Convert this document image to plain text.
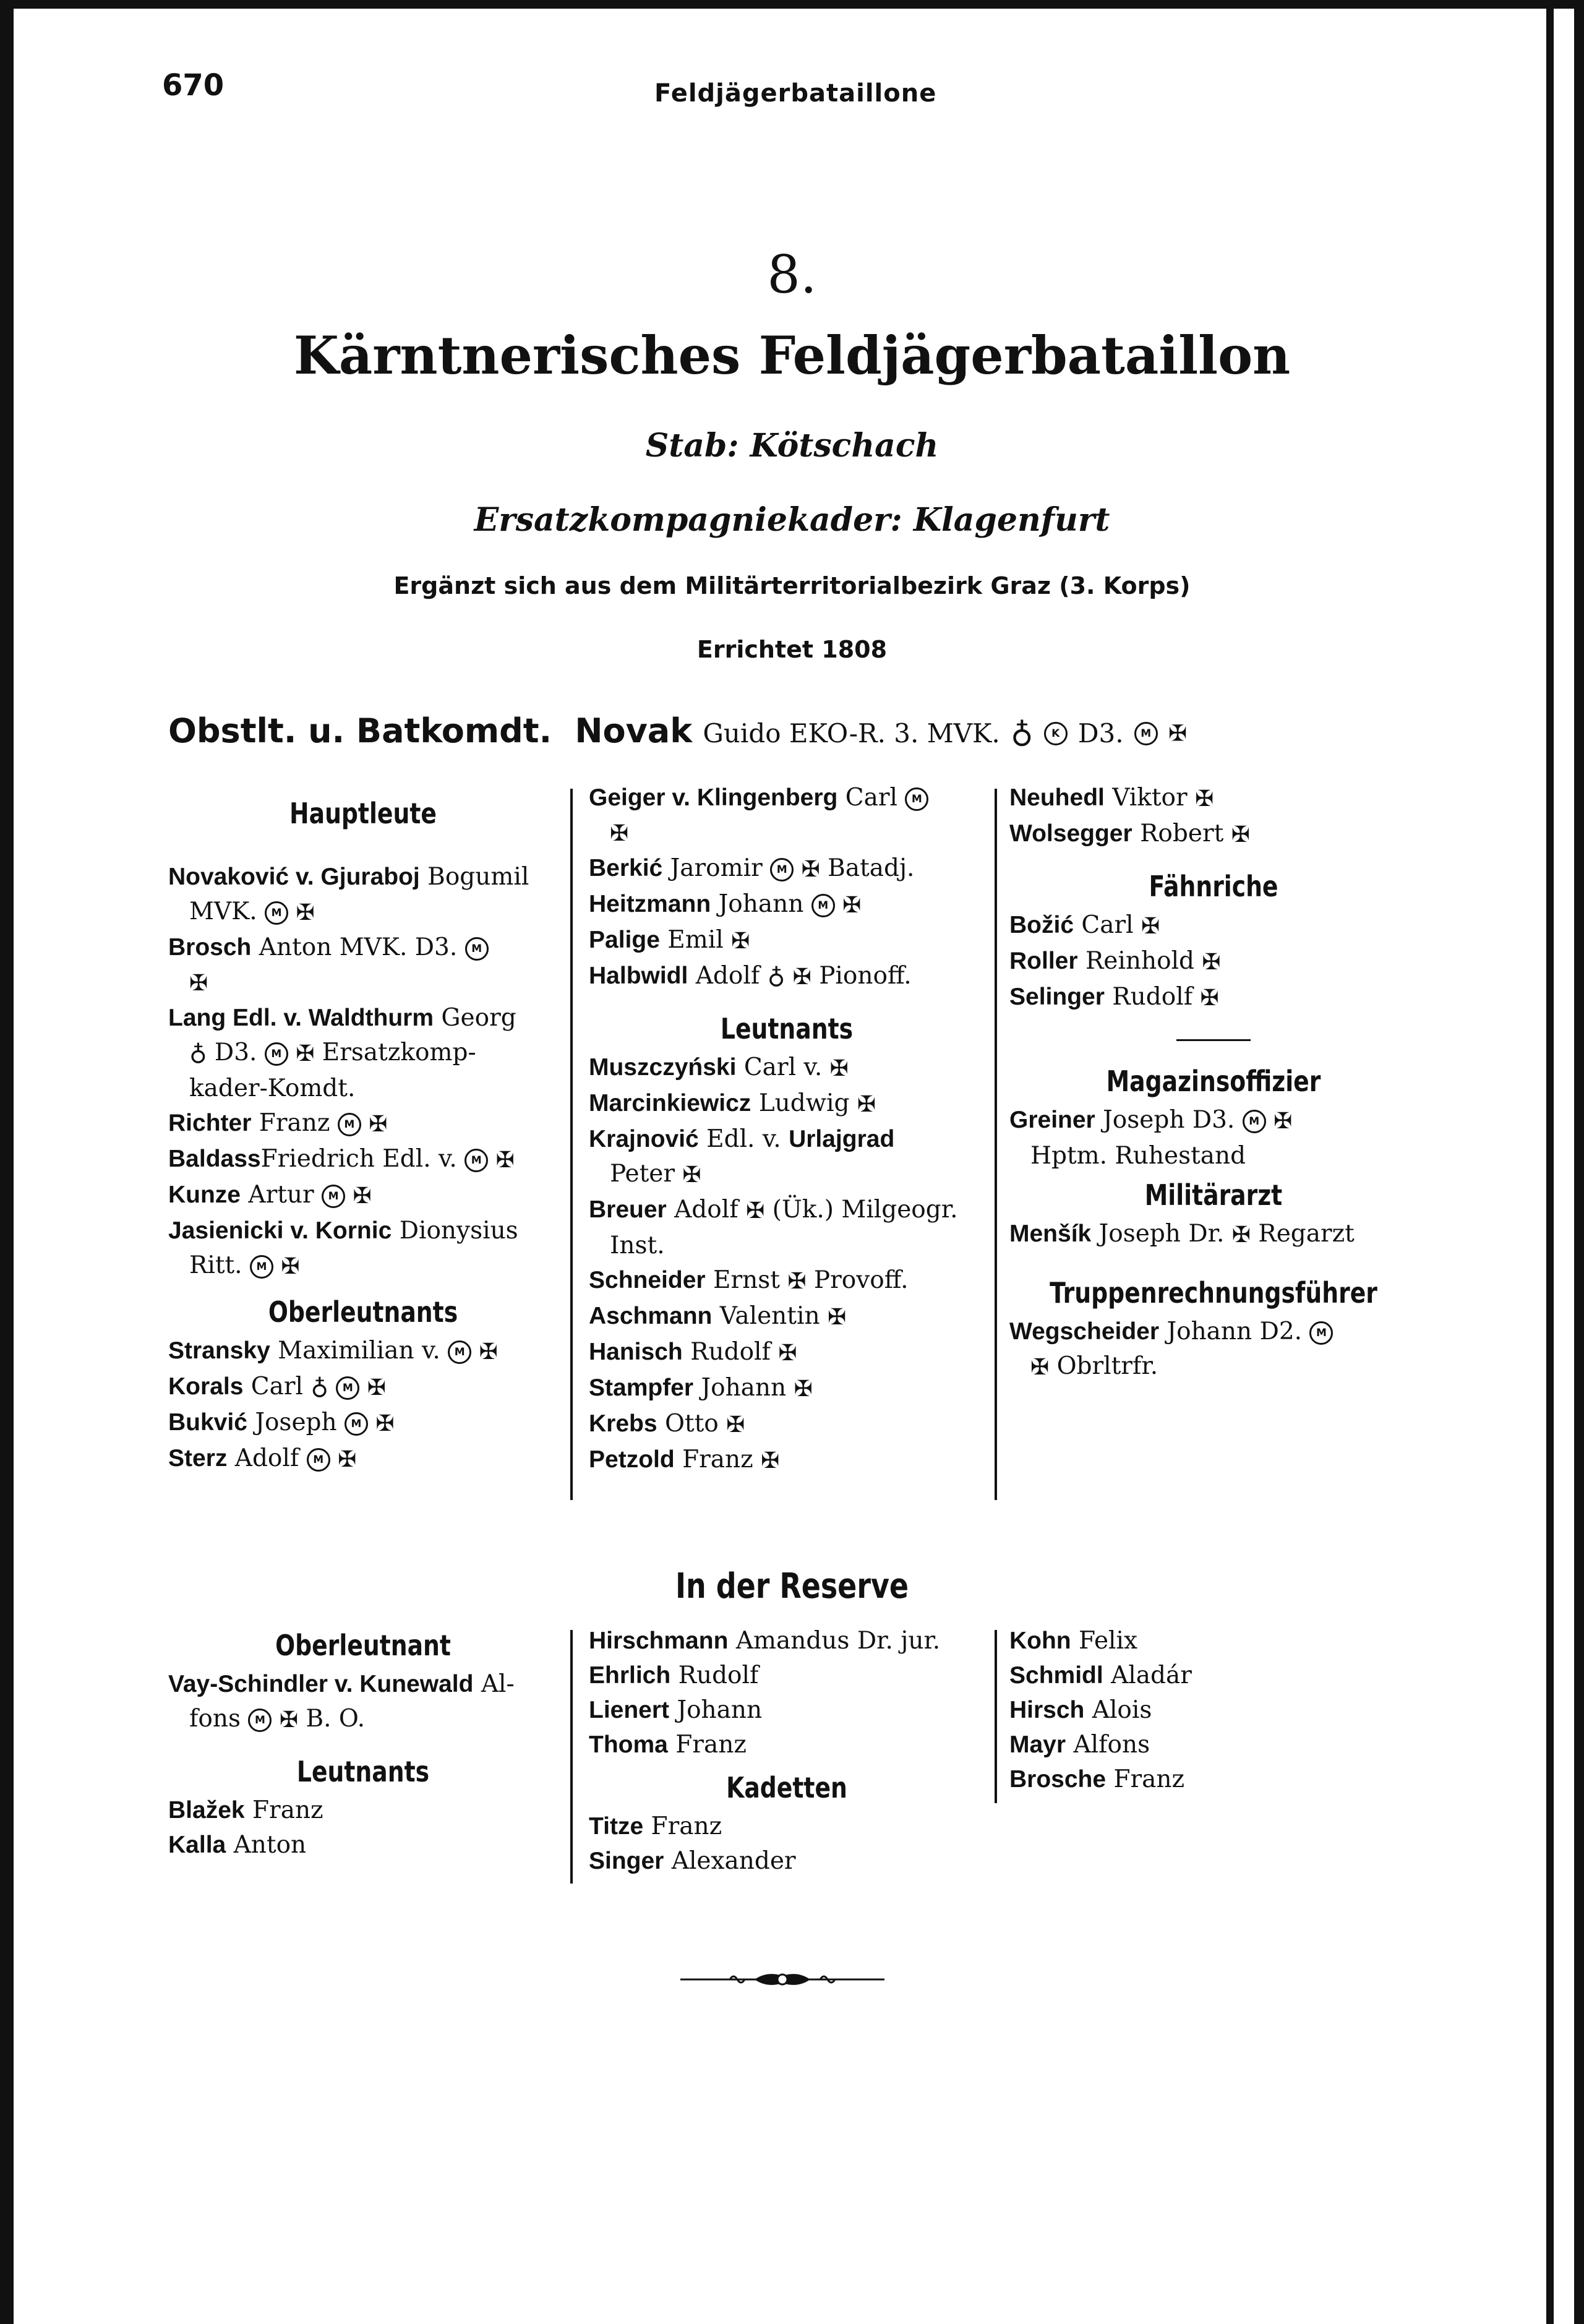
670	Feldjägerbataillone
8.
Kärntnerisches Feldjägerbataillon
Stab: Kötschach
Ersatzkompagniekader: Klagenfurt
Ergänzt sich aus dem Militärterritorialbezirk Graz (3. Korps)
Errichtet 1808
Obstlt. u. Batkomdt. Novak Guido EKO-R. 3. MVK. ♁ K D3. M ✠

Hauptleute

Novaković v. Gjuraboj Bogumil

MVK. M ✠

Brosch Anton MVK. D3. M

✠

Lang Edl. v. Waldthurm Georg

♁ D3. M ✠ Ersatzkomp-

kader-Komdt.

Richter Franz M ✠

BaldassFriedrich Edl. v. M ✠

Kunze Artur M ✠

Jasienicki v. Kornic Dionysius

Ritt. M ✠

Oberleutnants

Stransky Maximilian v. M ✠

Korals Carl ♁ M ✠

Bukvić Joseph M ✠

Sterz Adolf M ✠

Geiger v. Klingenberg Carl M

✠

Berkić Jaromir M ✠ Batadj.

Heitzmann Johann M ✠

Palige Emil ✠

Halbwidl Adolf ♁ ✠ Pionoff.

Leutnants

Muszczyński Carl v. ✠

Marcinkiewicz Ludwig ✠

Krajnović Edl. v. Urlajgrad

Peter ✠

Breuer Adolf ✠ (Ük.) Milgeogr.

Inst.

Schneider Ernst ✠ Provoff.

Aschmann Valentin ✠

Hanisch Rudolf ✠

Stampfer Johann ✠

Krebs Otto ✠

Petzold Franz ✠

Neuhedl Viktor ✠

Wolsegger Robert ✠

Fähnriche

Božić Carl ✠

Roller Reinhold ✠

Selinger Rudolf ✠

Magazinsoffizier

Greiner Joseph D3. M ✠

Hptm. Ruhestand

Militärarzt

Menšík Joseph Dr. ✠ Regarzt

Truppenrechnungsführer

Wegscheider Johann D2. M

✠ Obrltrfr.

In der Reserve

Oberleutnant

Vay-Schindler v. Kunewald Al-

fons M ✠ B. O.

Leutnants

Blažek Franz

Kalla Anton

Hirschmann Amandus Dr. jur.

Ehrlich Rudolf

Lienert Johann

Thoma Franz

Kadetten

Titze Franz

Singer Alexander

Kohn Felix

Schmidl Aladár

Hirsch Alois

Mayr Alfons

Brosche Franz
